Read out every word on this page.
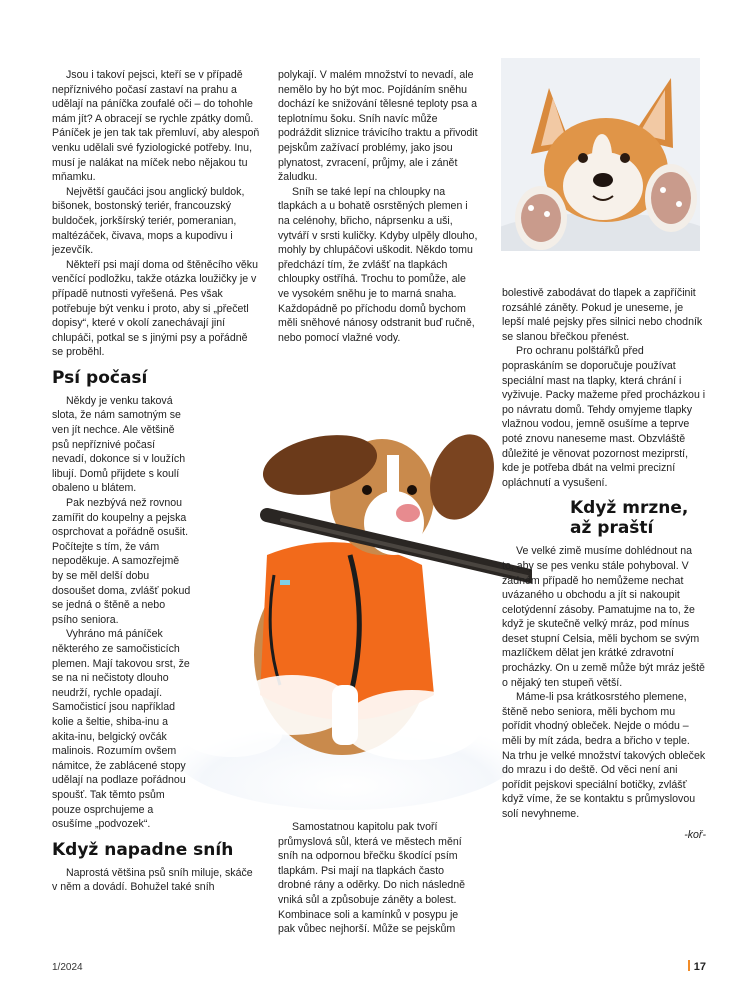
Jsou i takoví pejsci, kteří se v případě nepříznivého počasí zastaví na prahu a udělají na páníčka zoufalé oči – do tohohle mám jít? A obracejí se rychle zpátky domů. Páníček je jen tak tak přemluví, aby alespoň venku udělali své fyziologické potřeby. Inu, musí je nalákat na míček nebo nějakou tu mňamku.

Největší gaučáci jsou anglický buldok, bišonek, bostonský teriér, francouzský buldoček, jorkšírský teriér, pomeranian, maltézáček, čivava, mops a kupodivu i jezevčík.

Někteří psi mají doma od štěněcího věku venčící podložku, takže otázka loužičky je v případě nutnosti vyřešená. Pes však potřebuje být venku i proto, aby si „přečetl dopisy“, které v okolí zanechávají jiní chlupáči, potkal se s jinými psy a pořádně se proběhl.

Psí počasí

Někdy je venku taková slota, že nám samotným se ven jít nechce. Ale většině psů nepříznivé počasí nevadí, dokonce si v loužích libují. Domů přijdete s koulí obaleno u blátem.

Pak nezbývá než rovnou zamířit do koupelny a pejska osprchovat a pořádně osušit. Počítejte s tím, že vám nepoděkuje. A samozřejmě by se měl delší dobu dosoušet doma, zvlášť pokud se jedná o štěně a nebo psího seniora.

Vyhráno má páníček některého ze samočisticích plemen. Mají takovou srst, že se na ni nečistoty dlouho neudrží, rychle opadají. Samočisticí jsou například kolie a šeltie, shiba-inu a akita-inu, belgický ovčák malinois. Rozumím ovšem námitce, že zablácené stopy udělají na podlaze pořádnou spoušť. Tak těmto psům pouze osprchujeme a osušíme „podvozek“.

Když napadne sníh

Naprostá většina psů sníh miluje, skáče v něm a dovádí. Bohužel také sníh

polykají. V malém množství to nevadí, ale nemělo by ho být moc. Pojídáním sněhu dochází ke snižování tělesné teploty psa a teplotnímu šoku. Sníh navíc může podráždit sliznice trávicího traktu a přivodit pejskům zažívací problémy, jako jsou plynatost, zvracení, průjmy, ale i zánět žaludku.

Sníh se také lepí na chloupky na tlapkách a u bohatě osrstěných plemen i na celénohy, břicho, náprsenku a uši, vytváří v srsti kuličky. Kdyby ulpěly dlouho, mohly by chlupáčovi uškodit. Někdo tomu předchází tím, že zvlášť na tlapkách chloupky ostříhá. Trochu to pomůže, ale ve vysokém sněhu je to marná snaha. Každopádně po příchodu domů bychom měli sněhové nánosy odstranit buď ručně, nebo pomocí vlažné vody.

Samostatnou kapitolu pak tvoří průmyslová sůl, která ve městech mění sníh na odpornou břečku škodící psím tlapkám. Psi mají na tlapkách často drobné rány a oděrky. Do nich následně vniká sůl a způsobuje záněty a bolest. Kombinace soli a kamínků v posypu je pak vůbec nejhorší. Může se pejskům

bolestivě zabodávat do tlapek a zapříčinit rozsáhlé záněty. Pokud je uneseme, je lepší malé pejsky přes silnici nebo chodník se slanou břečkou přenést.

Pro ochranu polštářků před popraskáním se doporučuje používat speciální mast na tlapky, která chrání i vyživuje. Packy mažeme před procházkou i po návratu domů. Tehdy omyjeme tlapky vlažnou vodou, jemně osušíme a teprve poté znovu naneseme mast. Obzvláště důležité je věnovat pozornost meziprstí, kde je potřeba dbát na velmi precizní opláchnutí a vysušení.

Když mrzne, až praští

Ve velké zimě musíme dohlédnout na to, aby se pes venku stále pohyboval. V žádném případě ho nemůžeme nechat uvázaného u obchodu a jít si nakoupit celotýdenní zásoby. Pamatujme na to, že když je skutečně velký mráz, pod mínus deset stupní Celsia, měli bychom se svým mazlíčkem dělat jen krátké zdravotní procházky. On u země může být mráz ještě o nějaký ten stupeň větší.

Máme-li psa krátkosrstého plemene, štěně nebo seniora, měli bychom mu pořídit vhodný obleček. Nejde o módu – měli by mít záda, bedra a břicho v teple. Na trhu je velké množství takových obleček do mrazu i do deště. Od věci není ani pořídit pejskovi speciální botičky, zvlášť když víme, že se kontaktu s průmyslovou solí nevyhneme.

-koř-
1/2024	17
